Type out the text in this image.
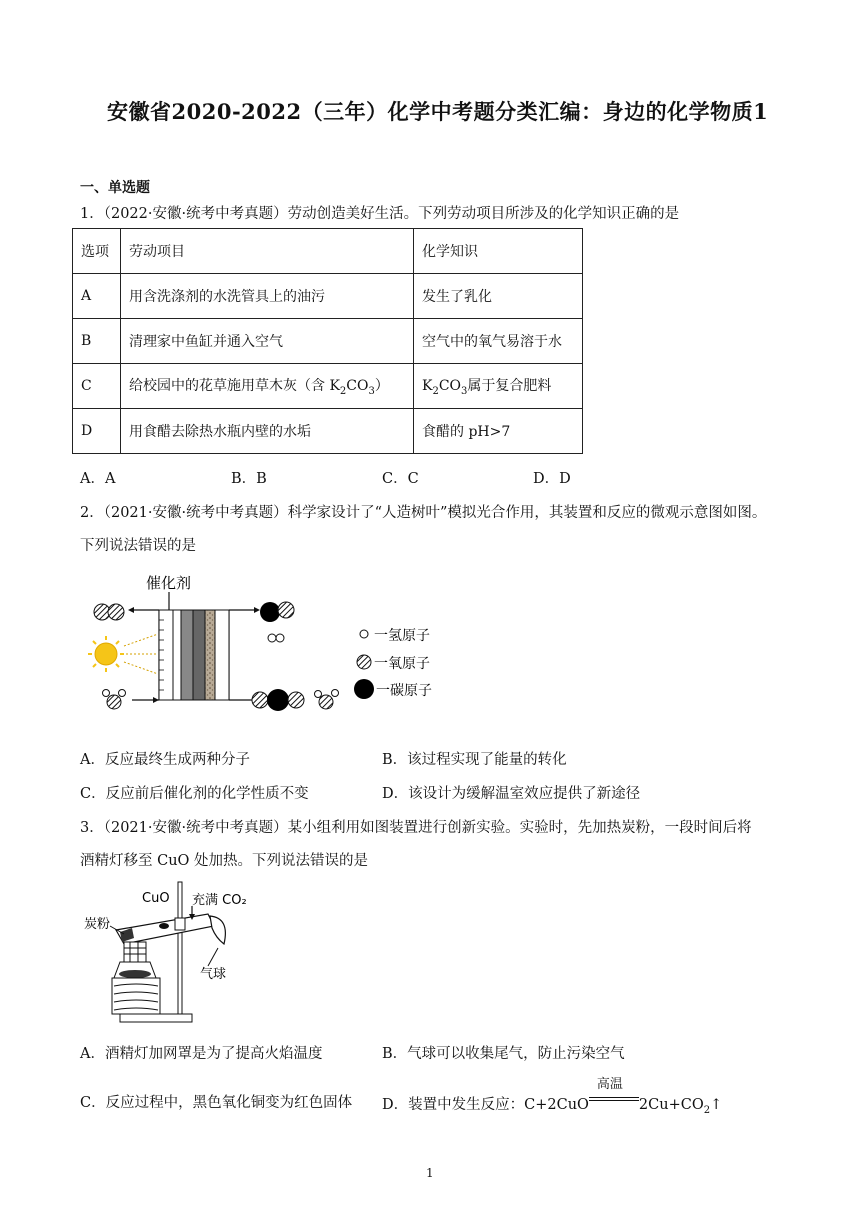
安徽省2020-2022（三年）化学中考题分类汇编：身边的化学物质1
一、单选题
1．（2022·安徽·统考中考真题）劳动创造美好生活。下列劳动项目所涉及的化学知识正确的是
选项	劳动项目	化学知识
A	用含洗涤剂的水洗管具上的油污	发生了乳化
B	清理家中鱼缸并通入空气	空气中的氧气易溶于水
C	给校园中的花草施用草木灰（含 $K_2CO_3$）	$K_2CO_3$属于复合肥料
D	用食醋去除热水瓶内壁的水垢	食醋的 pH>7
A．A	B．B	C．C	D．D
2．（2021·安徽·统考中考真题）科学家设计了“人造树叶”模拟光合作用，其装置和反应的微观示意图如图。
下列说法错误的是
催化剂
一氢原子
一氧原子
一碳原子
A．反应最终生成两种分子	B．该过程实现了能量的转化
C．反应前后催化剂的化学性质不变	D．该设计为缓解温室效应提供了新途径
3．（2021·安徽·统考中考真题）某小组利用如图装置进行创新实验。实验时，先加热炭粉，一段时间后将
酒精灯移至 CuO 处加热。下列说法错误的是
CuO 充满 CO₂
炭粉
气球
A．酒精灯加网罩是为了提高火焰温度	B．气球可以收集尾气，防止污染空气
C．反应过程中，黑色氧化铜变为红色固体 D．装置中发生反应：C+2CuO
高温
$2Cu+CO_2↑$
1
